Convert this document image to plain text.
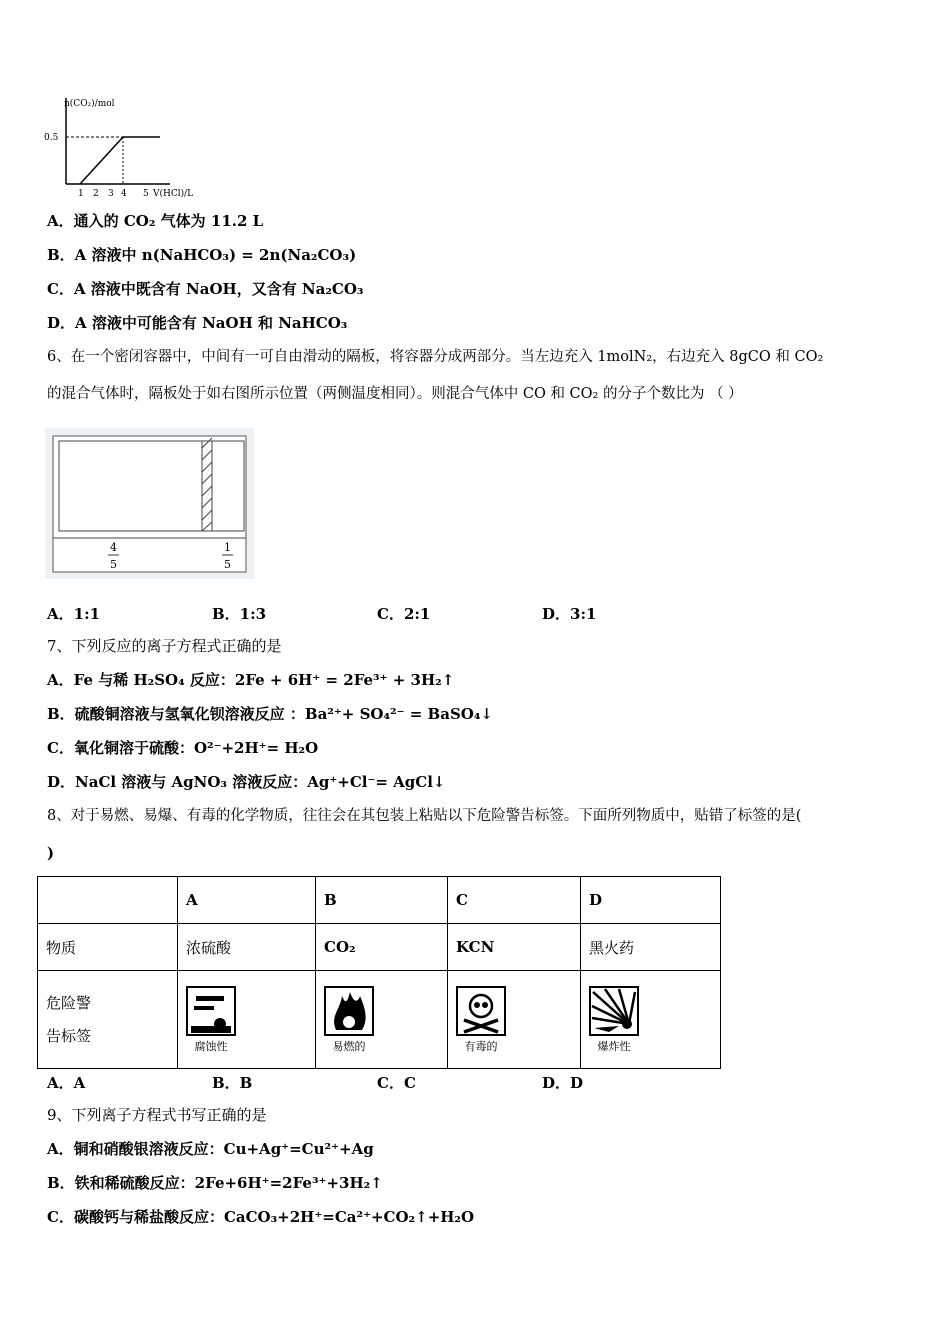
n(CO₂)/mol
0.5
1 2 3 4 5 V(HCl)/L
A．通入的 CO₂ 气体为 11.2 L
B．A 溶液中 n(NaHCO₃) = 2n(Na₂CO₃)
C．A 溶液中既含有 NaOH，又含有 Na₂CO₃
D．A 溶液中可能含有 NaOH 和 NaHCO₃
6、在一个密闭容器中，中间有一可自由滑动的隔板，将容器分成两部分。当左边充入 1molN₂，右边充入 8gCO 和 CO₂
的混合气体时，隔板处于如右图所示位置（两侧温度相同）。则混合气体中 CO 和 CO₂ 的分子个数比为 （ ）
4
5
1
5
A．1:1	B．1:3	C．2:1	D．3:1
7、下列反应的离子方程式正确的是
A．Fe 与稀 H₂SO₄ 反应：2Fe + 6H⁺ = 2Fe³⁺ + 3H₂↑
B．硫酸铜溶液与氢氧化钡溶液反应 ：Ba²⁺+ SO₄²⁻ = BaSO₄↓
C．氧化铜溶于硫酸：O²⁻+2H⁺= H₂O
D．NaCl 溶液与 AgNO₃ 溶液反应：Ag⁺+Cl⁻= AgCl↓
8、对于易燃、易爆、有毒的化学物质，往往会在其包装上粘贴以下危险警告标签。下面所列物质中，贴错了标签的是(
)
	A	B	C	D
物质	浓硫酸	CO₂	KCN	黑火药
危险警
告标签	腐蚀性	易燃的	有毒的	爆炸性
A．A	B．B	C．C	D．D
9、下列离子方程式书写正确的是
A．铜和硝酸银溶液反应：Cu+Ag⁺=Cu²⁺+Ag
B．铁和稀硫酸反应：2Fe+6H⁺=2Fe³⁺+3H₂↑
C．碳酸钙与稀盐酸反应：CaCO₃+2H⁺=Ca²⁺+CO₂↑+H₂O
